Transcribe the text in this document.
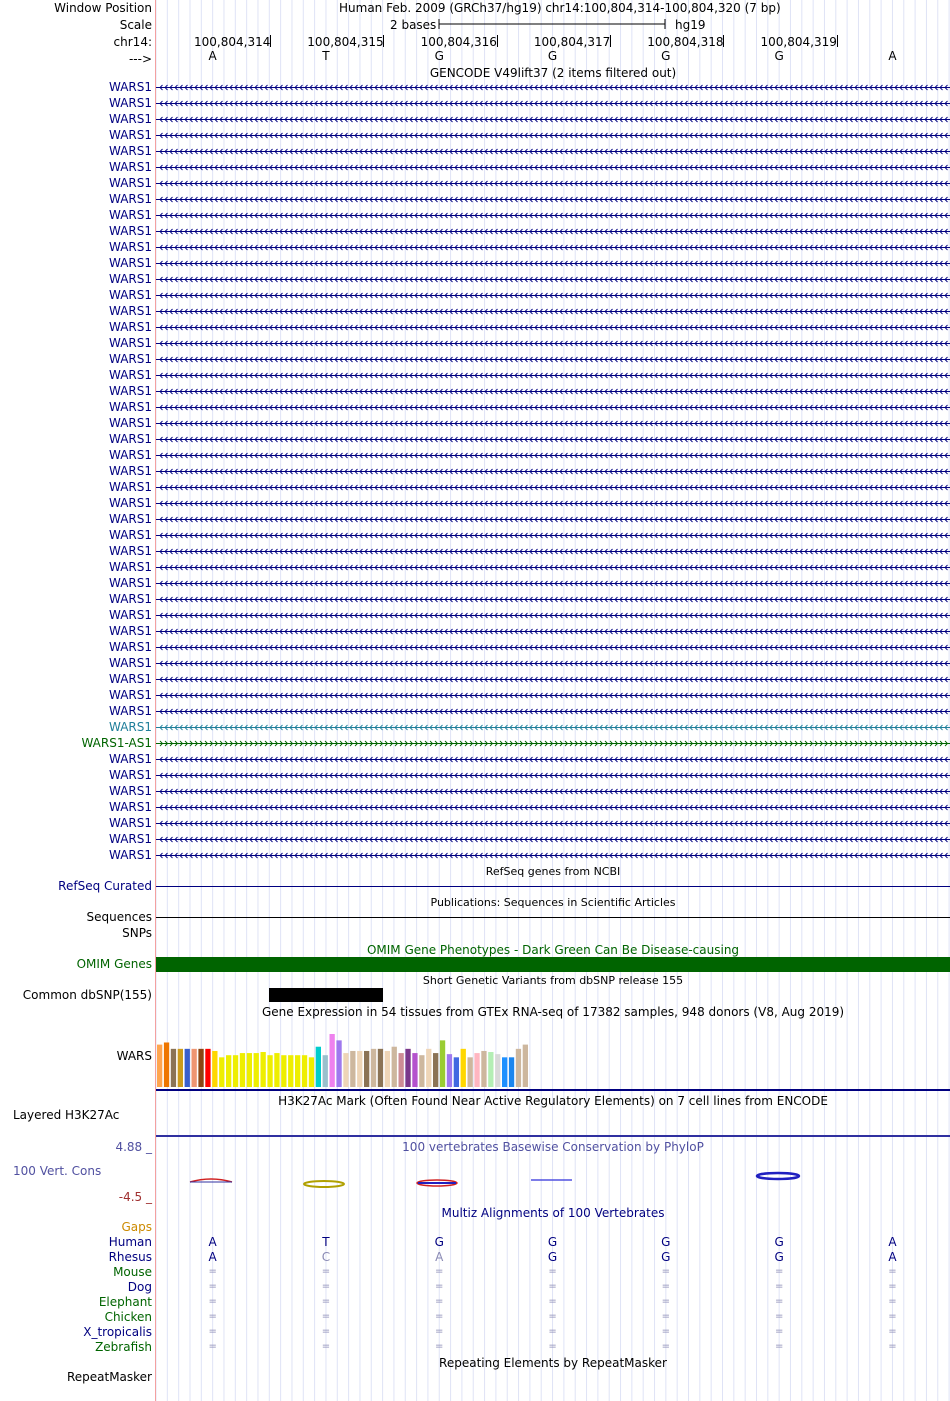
Window Position	Human Feb. 2009 (GRCh37/hg19) chr14:100,804,314-100,804,320 (7 bp)
Scale	2 bases	hg19
chr14:	100,804,314	100,804,315	100,804,316	100,804,317	100,804,318	100,804,319
--->	A	T	G	G	G	G	A
GENCODE V49lift37 (2 items filtered out)
WARS1
WARS1
WARS1
WARS1
WARS1
WARS1
WARS1
WARS1
WARS1
WARS1
WARS1
WARS1
WARS1
WARS1
WARS1
WARS1
WARS1
WARS1
WARS1
WARS1
WARS1
WARS1
WARS1
WARS1
WARS1
WARS1
WARS1
WARS1
WARS1
WARS1
WARS1
WARS1
WARS1
WARS1
WARS1
WARS1
WARS1
WARS1
WARS1
WARS1
WARS1
WARS1-AS1
WARS1
WARS1
WARS1
WARS1
WARS1
WARS1
WARS1
RefSeq genes from NCBI
RefSeq Curated
Publications: Sequences in Scientific Articles
Sequences
SNPs
OMIM Gene Phenotypes - Dark Green Can Be Disease-causing
OMIM Genes
Short Genetic Variants from dbSNP release 155
Common dbSNP(155)
Gene Expression in 54 tissues from GTEx RNA-seq of 17382 samples, 948 donors (V8, Aug 2019)
WARS
H3K27Ac Mark (Often Found Near Active Regulatory Elements) on 7 cell lines from ENCODE
Layered H3K27Ac
100 vertebrates Basewise Conservation by PhyloP
4.88 _
100 Vert. Cons
-4.5 _
Multiz Alignments of 100 Vertebrates
Gaps
Human	A	T	G	G	G	G	A
Rhesus	A	C	A	G	G	G	A
Mouse	=	=	=	=	=	=	=
Dog	=	=	=	=	=	=	=
Elephant	=	=	=	=	=	=	=
Chicken	=	=	=	=	=	=	=
X_tropicalis	=	=	=	=	=	=	=
Zebrafish	=	=	=	=	=	=	=
Repeating Elements by RepeatMasker
RepeatMasker
